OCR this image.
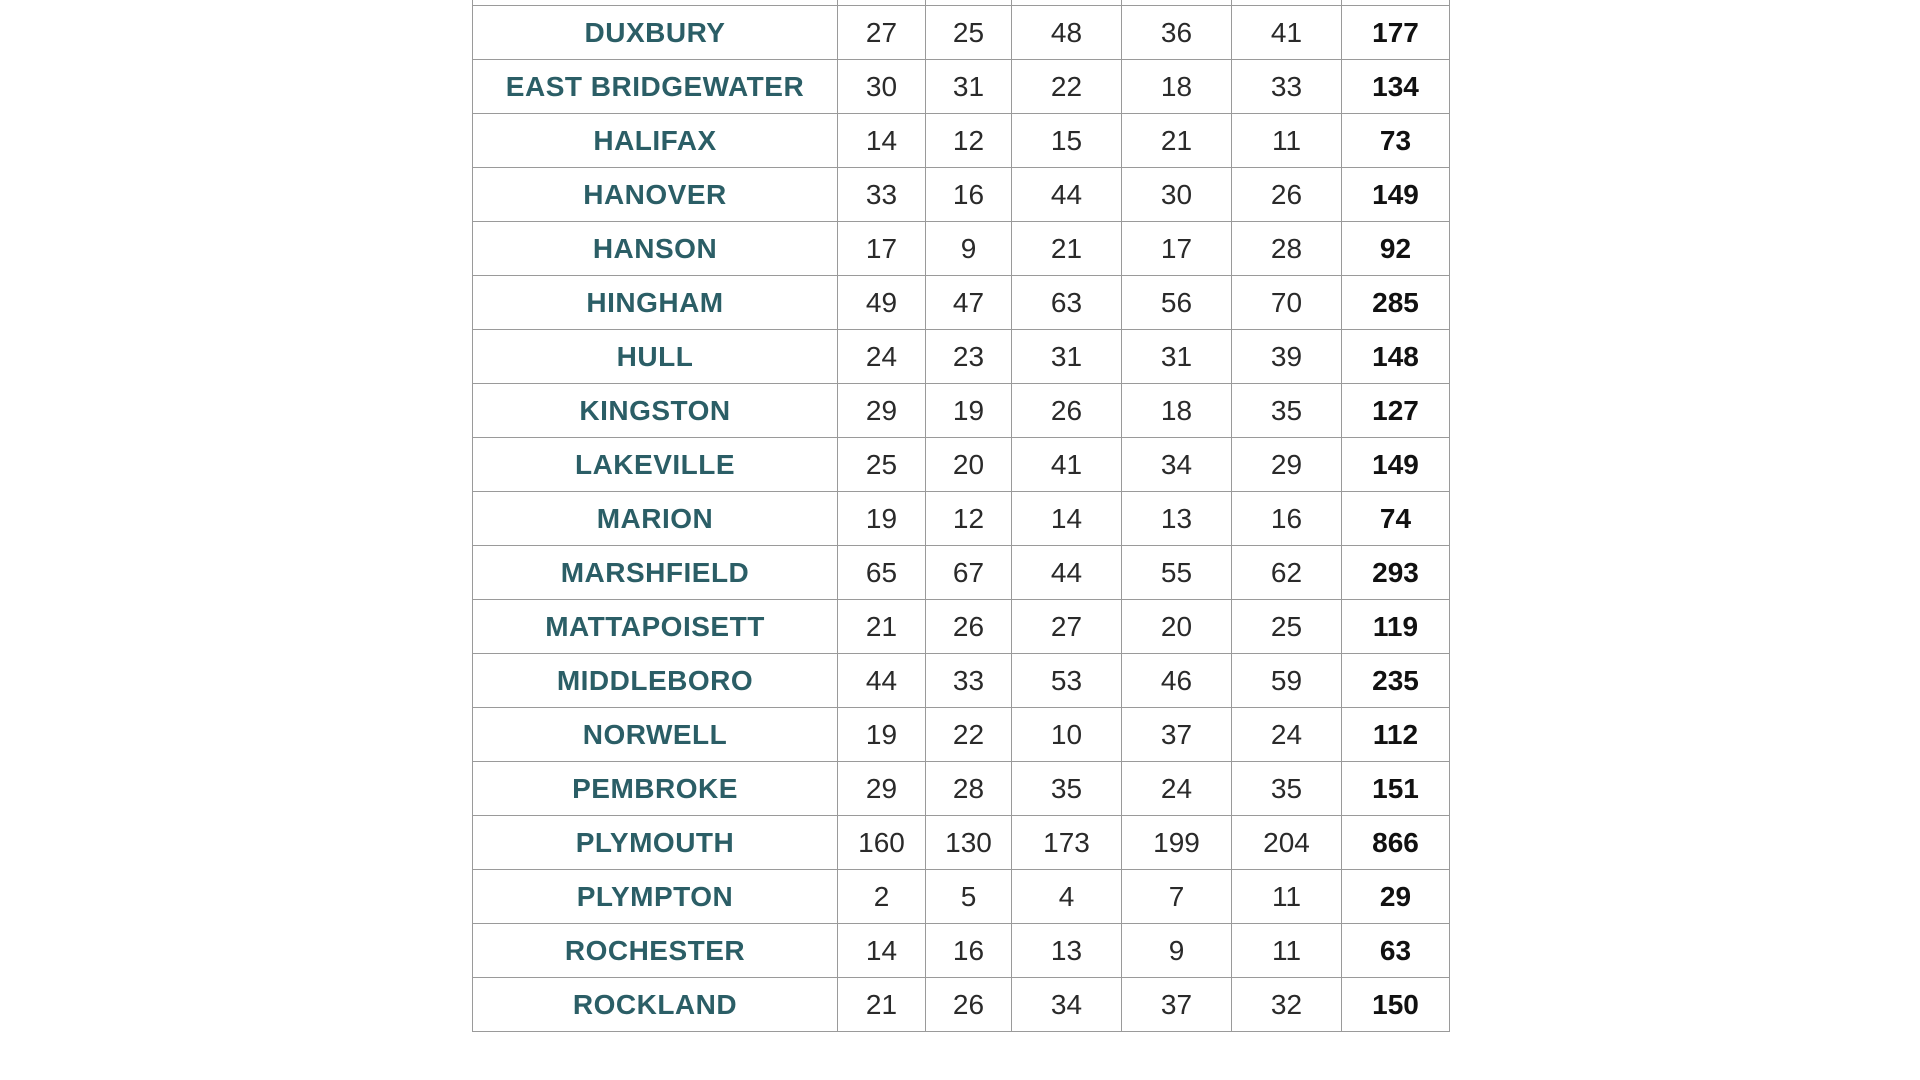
DUXBURY	27	25	48	36	41	177
EAST BRIDGEWATER	30	31	22	18	33	134
HALIFAX	14	12	15	21	11	73
HANOVER	33	16	44	30	26	149
HANSON	17	9	21	17	28	92
HINGHAM	49	47	63	56	70	285
HULL	24	23	31	31	39	148
KINGSTON	29	19	26	18	35	127
LAKEVILLE	25	20	41	34	29	149
MARION	19	12	14	13	16	74
MARSHFIELD	65	67	44	55	62	293
MATTAPOISETT	21	26	27	20	25	119
MIDDLEBORO	44	33	53	46	59	235
NORWELL	19	22	10	37	24	112
PEMBROKE	29	28	35	24	35	151
PLYMOUTH	160	130	173	199	204	866
PLYMPTON	2	5	4	7	11	29
ROCHESTER	14	16	13	9	11	63
ROCKLAND	21	26	34	37	32	150
